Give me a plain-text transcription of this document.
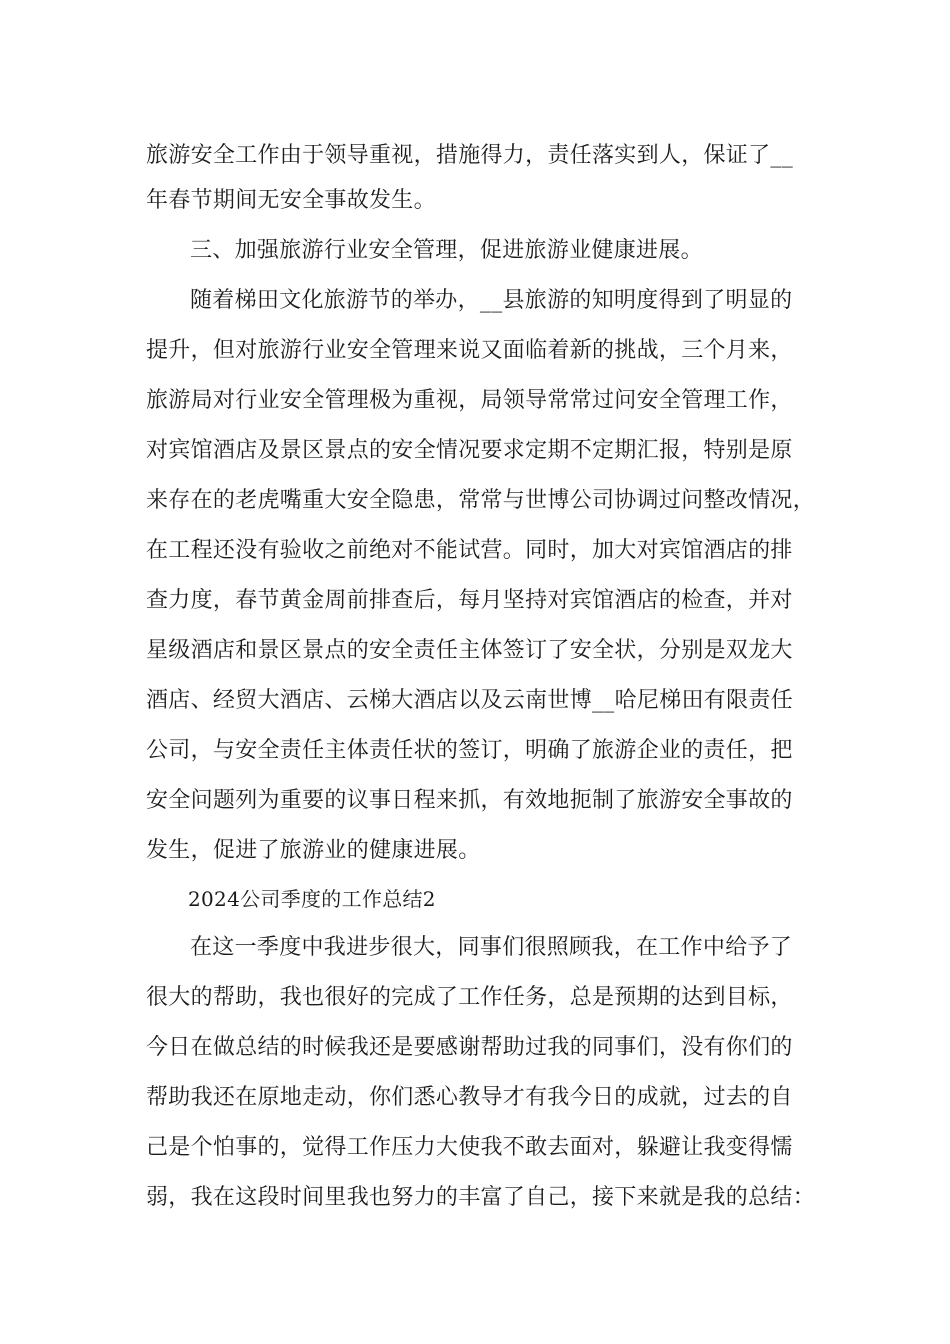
旅游安全工作由于领导重视，措施得力，责任落实到人，保证了__
年春节期间无安全事故发生。
三、加强旅游行业安全管理，促进旅游业健康进展。
随着梯田文化旅游节的举办，__县旅游的知明度得到了明显的
提升，但对旅游行业安全管理来说又面临着新的挑战，三个月来，
旅游局对行业安全管理极为重视，局领导常常过问安全管理工作，
对宾馆酒店及景区景点的安全情况要求定期不定期汇报，特别是原
来存在的老虎嘴重大安全隐患，常常与世博公司协调过问整改情况，
在工程还没有验收之前绝对不能试营。同时，加大对宾馆酒店的排
查力度，春节黄金周前排查后，每月坚持对宾馆酒店的检查，并对
星级酒店和景区景点的安全责任主体签订了安全状，分别是双龙大
酒店、经贸大酒店、云梯大酒店以及云南世博__哈尼梯田有限责任
公司，与安全责任主体责任状的签订，明确了旅游企业的责任，把
安全问题列为重要的议事日程来抓，有效地扼制了旅游安全事故的
发生，促进了旅游业的健康进展。
2024公司季度的工作总结2
在这一季度中我进步很大，同事们很照顾我，在工作中给予了
很大的帮助，我也很好的完成了工作任务，总是预期的达到目标，
今日在做总结的时候我还是要感谢帮助过我的同事们，没有你们的
帮助我还在原地走动，你们悉心教导才有我今日的成就，过去的自
己是个怕事的，觉得工作压力大使我不敢去面对，躲避让我变得懦
弱，我在这段时间里我也努力的丰富了自己，接下来就是我的总结：
